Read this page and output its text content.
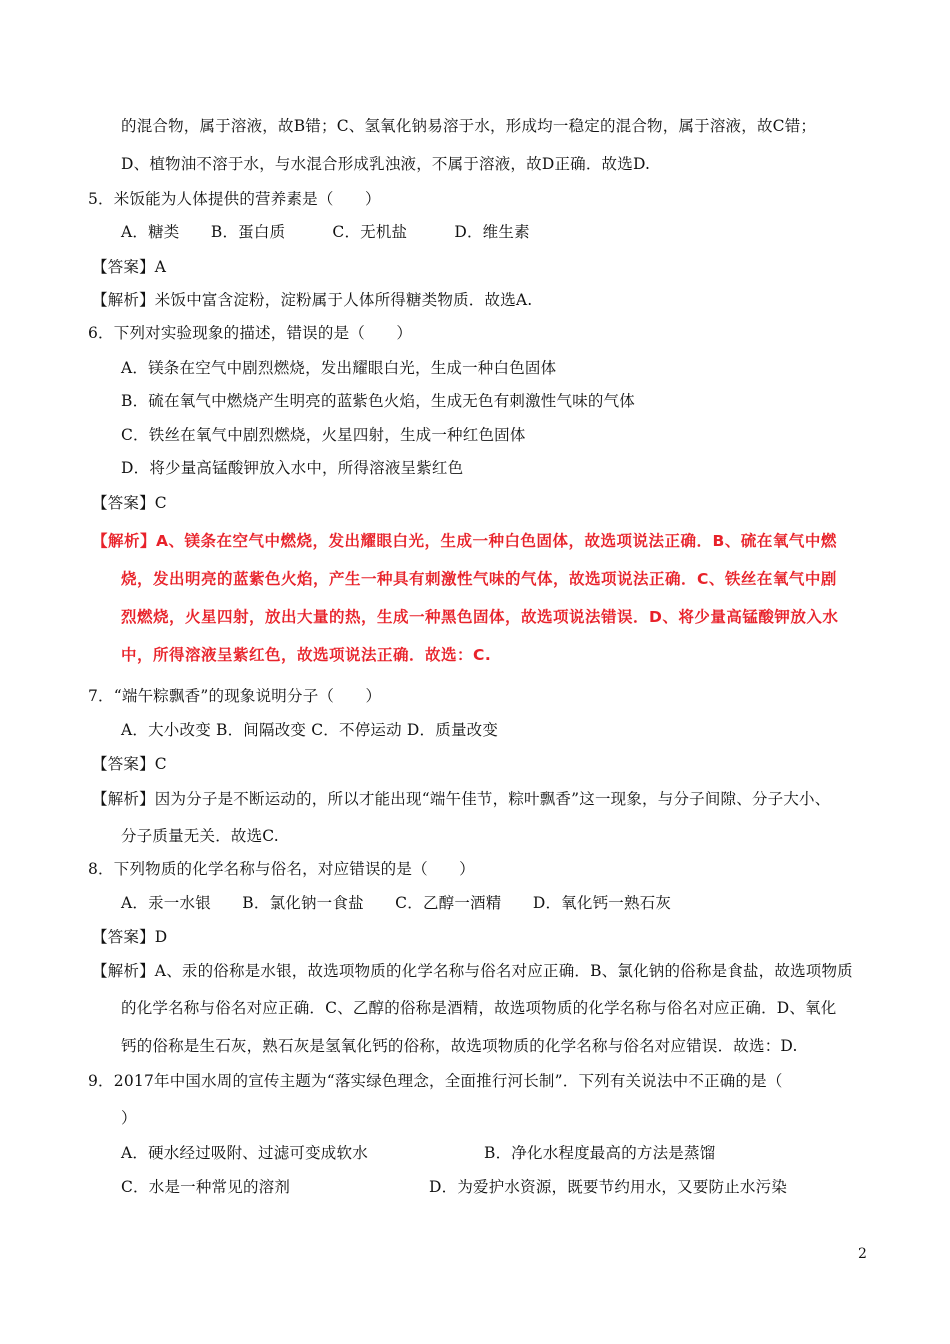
的混合物，属于溶液，故B错；C、氢氧化钠易溶于水，形成均一稳定的混合物，属于溶液，故C错；
D、植物油不溶于水，与水混合形成乳浊液，不属于溶液，故D正确．故选D.
5．米饭能为人体提供的营养素是（　　）
A．糖类　　B．蛋白质　　　C．无机盐　　　D．维生素
【答案】A
【解析】米饭中富含淀粉，淀粉属于人体所得糖类物质．故选A.
6．下列对实验现象的描述，错误的是（　　）
A．镁条在空气中剧烈燃烧，发出耀眼白光，生成一种白色固体
B．硫在氧气中燃烧产生明亮的蓝紫色火焰，生成无色有刺激性气味的气体
C．铁丝在氧气中剧烈燃烧，火星四射，生成一种红色固体
D．将少量高锰酸钾放入水中，所得溶液呈紫红色
【答案】C
【解析】A、镁条在空气中燃烧，发出耀眼白光，生成一种白色固体，故选项说法正确．B、硫在氧气中燃
烧，发出明亮的蓝紫色火焰，产生一种具有刺激性气味的气体，故选项说法正确．C、铁丝在氧气中剧
烈燃烧，火星四射，放出大量的热，生成一种黑色固体，故选项说法错误．D、将少量高锰酸钾放入水
中，所得溶液呈紫红色，故选项说法正确．故选：C.
7．“端午粽飘香”的现象说明分子（　　）
A．大小改变 B．间隔改变 C．不停运动 D．质量改变
【答案】C
【解析】因为分子是不断运动的，所以才能出现“端午佳节，粽叶飘香”这一现象，与分子间隙、分子大小、
分子质量无关．故选C.
8．下列物质的化学名称与俗名，对应错误的是（　　）
A．汞一水银　　B．氯化钠一食盐　　C．乙醇一酒精　　D．氧化钙一熟石灰
【答案】D
【解析】A、汞的俗称是水银，故选项物质的化学名称与俗名对应正确．B、氯化钠的俗称是食盐，故选项物质
的化学名称与俗名对应正确．C、乙醇的俗称是酒精，故选项物质的化学名称与俗名对应正确．D、氧化
钙的俗称是生石灰，熟石灰是氢氧化钙的俗称，故选项物质的化学名称与俗名对应错误．故选：D.
9．2017年中国水周的宣传主题为“落实绿色理念，全面推行河长制”．下列有关说法中不正确的是（
）
A．硬水经过吸附、过滤可变成软水	B．净化水程度最高的方法是蒸馏
C．水是一种常见的溶剂	D．为爱护水资源，既要节约用水，又要防止水污染
2
